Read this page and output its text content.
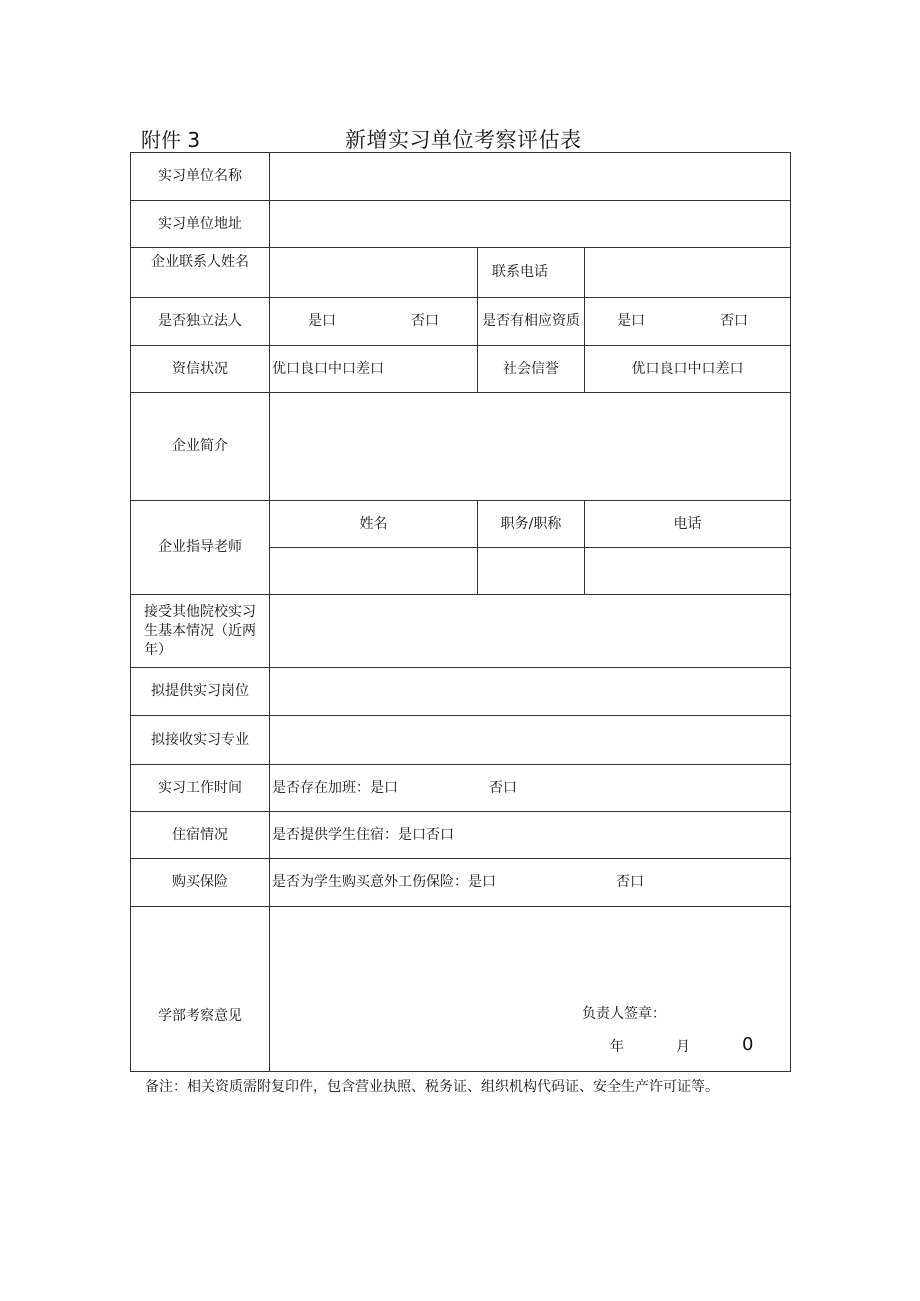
附件 3	新增实习单位考察评估表
实习单位名称			
实习单位地址			
企业联系人姓名		联系电话	
是否独立法人	是口 否口	是否有相应资质	是口 否口

资信状况	优口良口中口差口	社会信誉	优口良口中口差口
企业简介			
企业指导老师	姓名	职务/职称	电话

接受其他院校实习生基本情况（近两年）			
拟提供实习岗位			
拟接收实习专业			
实习工作时间	是否存在加班：是口 否口		
住宿情况	是否提供学生住宿：是口否口		
购买保险	是否为学生购买意外工伤保险：是口 否口		
学部考察意见	负责人签章：
年 月 0		
备注：相关资质需附复印件，包含营业执照、税务证、组织机构代码证、安全生产许可证等。
